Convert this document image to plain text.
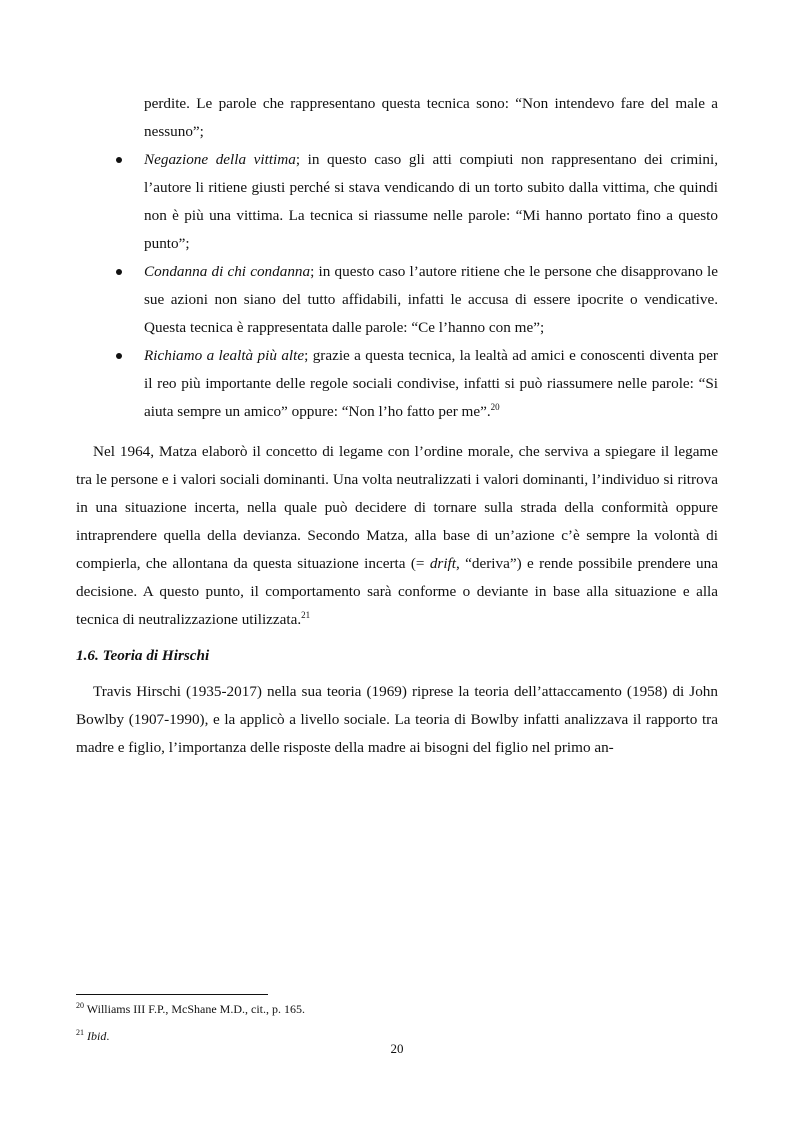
perdite. Le parole che rappresentano questa tecnica sono: “Non intendevo fare del male a nessuno”;
Negazione della vittima; in questo caso gli atti compiuti non rappresentano dei crimini, l’autore li ritiene giusti perché si stava vendicando di un torto subito dalla vittima, che quindi non è più una vittima. La tecnica si riassume nelle parole: “Mi hanno portato fino a questo punto”;
Condanna di chi condanna; in questo caso l’autore ritiene che le persone che disapprovano le sue azioni non siano del tutto affidabili, infatti le accusa di essere ipocrite o vendicative. Questa tecnica è rappresentata dalle parole: “Ce l’hanno con me”;
Richiamo a lealtà più alte; grazie a questa tecnica, la lealtà ad amici e conoscenti diventa per il reo più importante delle regole sociali condivise, infatti si può riassumere nelle parole: “Si aiuta sempre un amico” oppure: “Non l’ho fatto per me”.$^{20}$

Nel 1964, Matza elaborò il concetto di legame con l’ordine morale, che serviva a spiegare il legame tra le persone e i valori sociali dominanti. Una volta neutralizzati i valori dominanti, l’individuo si ritrova in una situazione incerta, nella quale può decidere di tornare sulla strada della conformità oppure intraprendere quella della devianza. Secondo Matza, alla base di un’azione c’è sempre la volontà di compierla, che allontana da questa situazione incerta (= drift, “deriva”) e rende possibile prendere una decisione. A questo punto, il comportamento sarà conforme o deviante in base alla situazione e alla tecnica di neutralizzazione utilizzata.$^{21}$

1.6. Teoria di Hirschi

Travis Hirschi (1935-2017) nella sua teoria (1969) riprese la teoria dell’attaccamento (1958) di John Bowlby (1907-1990), e la applicò a livello sociale. La teoria di Bowlby infatti analizzava il rapporto tra madre e figlio, l’importanza delle risposte della madre ai bisogni del figlio nel primo an-

$^{20}$ Williams III F.P., McShane M.D., cit., p. 165.
$^{21}$ Ibid.
20
